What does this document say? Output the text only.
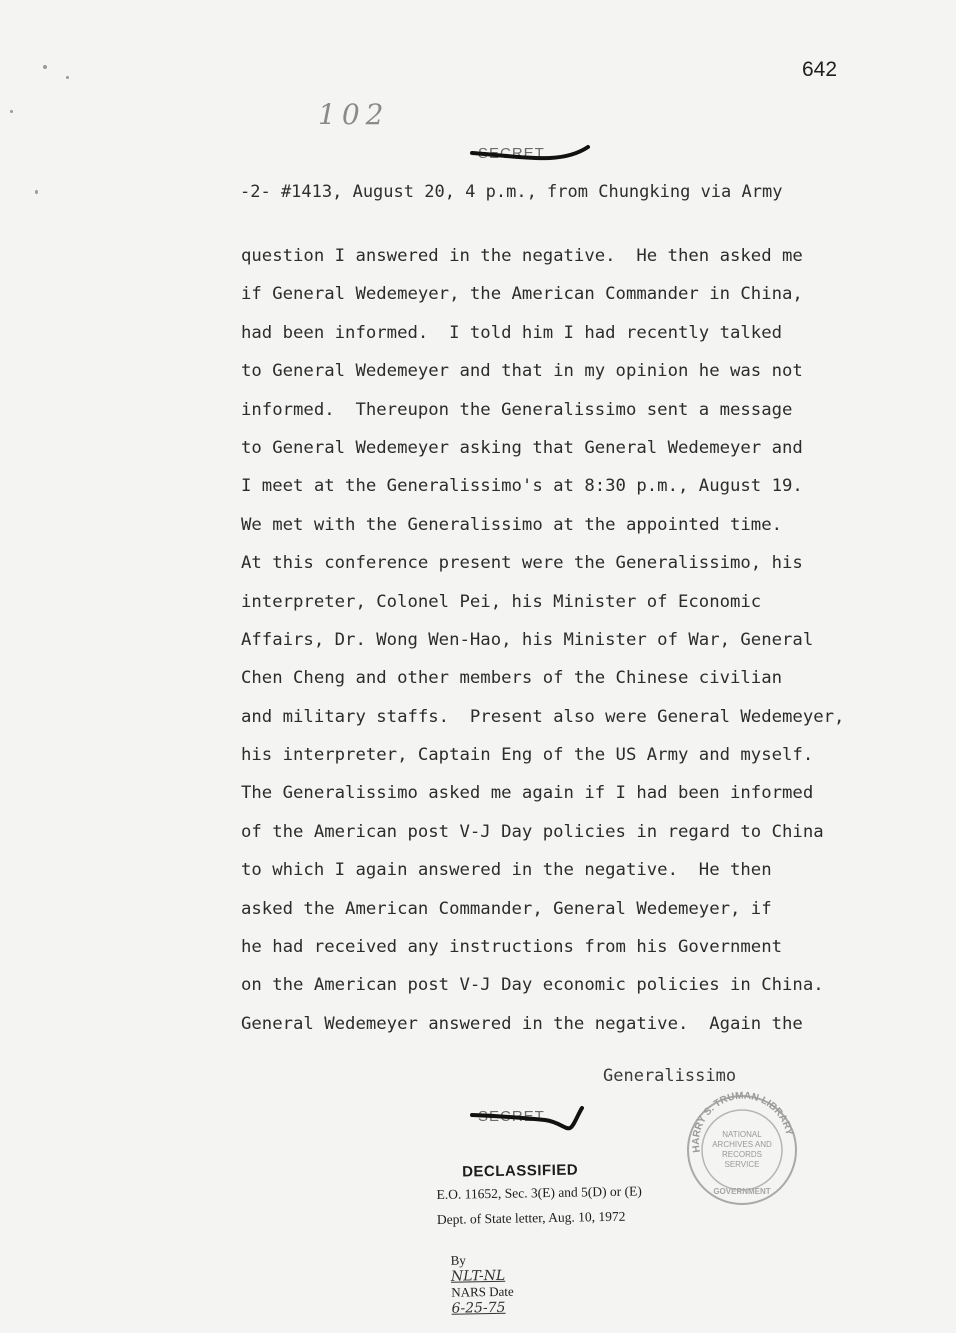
642
102
SECRET
-2- #1413, August 20, 4 p.m., from Chungking via Army
question I answered in the negative.  He then asked me
if General Wedemeyer, the American Commander in China,
had been informed.  I told him I had recently talked
to General Wedemeyer and that in my opinion he was not
informed.  Thereupon the Generalissimo sent a message
to General Wedemeyer asking that General Wedemeyer and
I meet at the Generalissimo's at 8:30 p.m., August 19.
We met with the Generalissimo at the appointed time.
At this conference present were the Generalissimo, his
interpreter, Colonel Pei, his Minister of Economic
Affairs, Dr. Wong Wen-Hao, his Minister of War, General
Chen Cheng and other members of the Chinese civilian
and military staffs.  Present also were General Wedemeyer,
his interpreter, Captain Eng of the US Army and myself.
The Generalissimo asked me again if I had been informed
of the American post V-J Day policies in regard to China
to which I again answered in the negative.  He then
asked the American Commander, General Wedemeyer, if
he had received any instructions from his Government
on the American post V-J Day economic policies in China.
General Wedemeyer answered in the negative.  Again the
Generalissimo
SECRET
HARRY S. TRUMAN LIBRARY
NATIONAL
ARCHIVES AND
RECORDS
SERVICE
GOVERNMENT
DECLASSIFIED
E.O. 11652, Sec. 3(E) and 5(D) or (E)
Dept. of State letter, Aug. 10, 1972

By
NLT-NL
NARS Date
6-25-75
